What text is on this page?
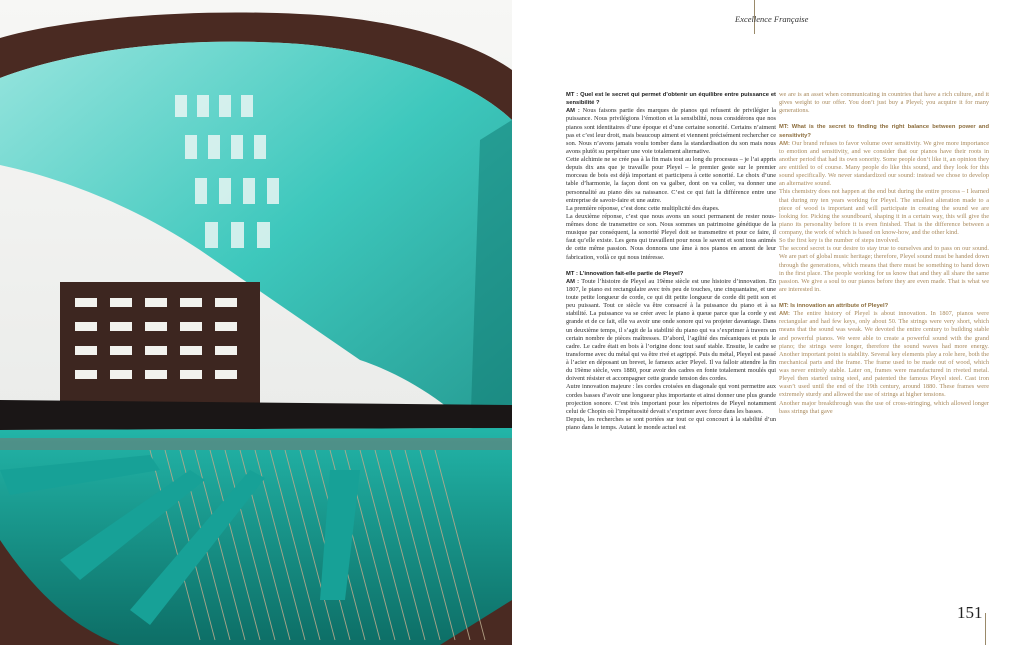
Excellence Française
MT : Quel est le secret qui permet d’obtenir un équilibre entre puissance et sensibilité ?
AM : Nous faisons partie des marques de pianos qui refusent de privilégier la puissance. Nous privilégions l’émotion et la sensibilité, nous considérons que nos pianos sont identitaires d’une époque et d’une certaine sonorité. Certains n’aiment pas et c’est leur droit, mais beaucoup aiment et viennent précisément rechercher ce son. Nous n’avons jamais voulu tomber dans la standardisation du son mais nous avons plutôt su perpétuer une voie totalement alternative.
Cette alchimie ne se crée pas à la fin mais tout au long du processus – je l’ai appris depuis dix ans que je travaille pour Pleyel – le premier geste sur le premier morceau de bois est déjà important et participera à cette sonorité. Le choix d’une table d’harmonie, la façon dont on va galber, dont on va coller, va donner une personnalité au piano dès sa naissance. C’est ce qui fait la différence entre une entreprise de savoir-faire et une autre.
La première réponse, c’est donc cette multiplicité des étapes.
La deuxième réponse, c’est que nous avons un souci permanent de rester nous-mêmes donc de transmettre ce son. Nous sommes un patrimoine génétique de la musique par conséquent, la sonorité Pleyel doit se transmettre et pour ce faire, il faut qu’elle existe. Les gens qui travaillent pour nous le savent et sont tous animés de cette même passion. Nous donnons une âme à nos pianos en amont de leur fabrication, voilà ce qui nous intéresse.
MT : L’innovation fait-elle partie de Pleyel?
AM : Toute l’histoire de Pleyel au 19ème siècle est une histoire d’innovation. En 1807, le piano est rectangulaire avec très peu de touches, une cinquantaine, et une toute petite longueur de corde, ce qui dit petite longueur de corde dit petit son et peu puissant. Tout ce siècle va être consacré à la puissance du piano et à sa stabilité. La puissance va se créer avec le piano à queue parce que la corde y est grande et de ce fait, elle va avoir une onde sonore qui va projeter davantage. Dans un deuxième temps, il s’agit de la stabilité du piano qui va s’exprimer à travers un certain nombre de pièces maîtresses. D’abord, l’agilité des mécaniques et puis le cadre. Le cadre était en bois à l’origine donc tout sauf stable. Ensuite, le cadre se transforme avec du métal qui va être rivé et agrippé. Puis du métal, Pleyel est passé à l’acier en déposant un brevet, le fameux acier Pleyel. Il va falloir attendre la fin du 19ème siècle, vers 1880, pour avoir des cadres en fonte totalement moulés qui doivent résister et accompagner cette grande tension des cordes.
Autre innovation majeure : les cordes croisées en diagonale qui vont permettre aux cordes basses d’avoir une longueur plus importante et ainsi donner une plus grande projection sonore. C’est très important pour les répertoires de Pleyel notamment celui de Chopin où l’impétuosité devait s’exprimer avec force dans les basses.
Depuis, les recherches se sont portées sur tout ce qui concourt à la stabilité d’un piano dans le temps. Autant le monde actuel est
we are is an asset when communicating in countries that have a rich culture, and it gives weight to our offer. You don’t just buy a Pleyel; you acquire it for many generations.
MT: What is the secret to finding the right balance between power and sensitivity?
AM: Our brand refuses to favor volume over sensitivity. We give more importance to emotion and sensitivity, and we consider that our pianos have their roots in another period that had its own sonority. Some people don’t like it, an opinion they are entitled to of course. Many people do like this sound, and they look for this sound specifically. We never standardized our sound: instead we chose to develop an alternative sound.
This chemistry does not happen at the end but during the entire process – I learned that during my ten years working for Pleyel. The smallest alteration made to a piece of wood is important and will participate in creating the sound we are looking for. Picking the soundboard, shaping it in a certain way, this will give the piano its personality before it is even finished. That is the difference between a company, the work of which is based on know-how, and the other kind.
So the first key is the number of steps involved.
The second secret is our desire to stay true to ourselves and to pass on our sound. We are part of global music heritage; therefore, Pleyel sound must be handed down through the generations, which means that there must be something to hand down in the first place. The people working for us know that and they all share the same passion. We give a soul to our pianos before they are even made. That is what we are interested in.
MT: Is innovation an attribute of Pleyel?
AM: The entire history of Pleyel is about innovation. In 1807, pianos were rectangular and had few keys, only about 50. The strings were very short, which means that the sound was weak. We devoted the entire century to building stable and powerful pianos. We were able to create a powerful sound with the grand piano; the strings were longer, therefore the sound waves had more energy. Another important point is stability. Several key elements play a role here, both the mechanical parts and the frame. The frame used to be made out of wood, which was never entirely stable. Later on, frames were manufactured in riveted metal. Pleyel then started using steel, and patented the famous Pleyel steel. Cast iron wasn’t used until the end of the 19th century, around 1880. These frames were extremely sturdy and allowed the use of strings at higher tensions.
Another major breakthrough was the use of cross-stringing, which allowed longer bass strings that gave
151
